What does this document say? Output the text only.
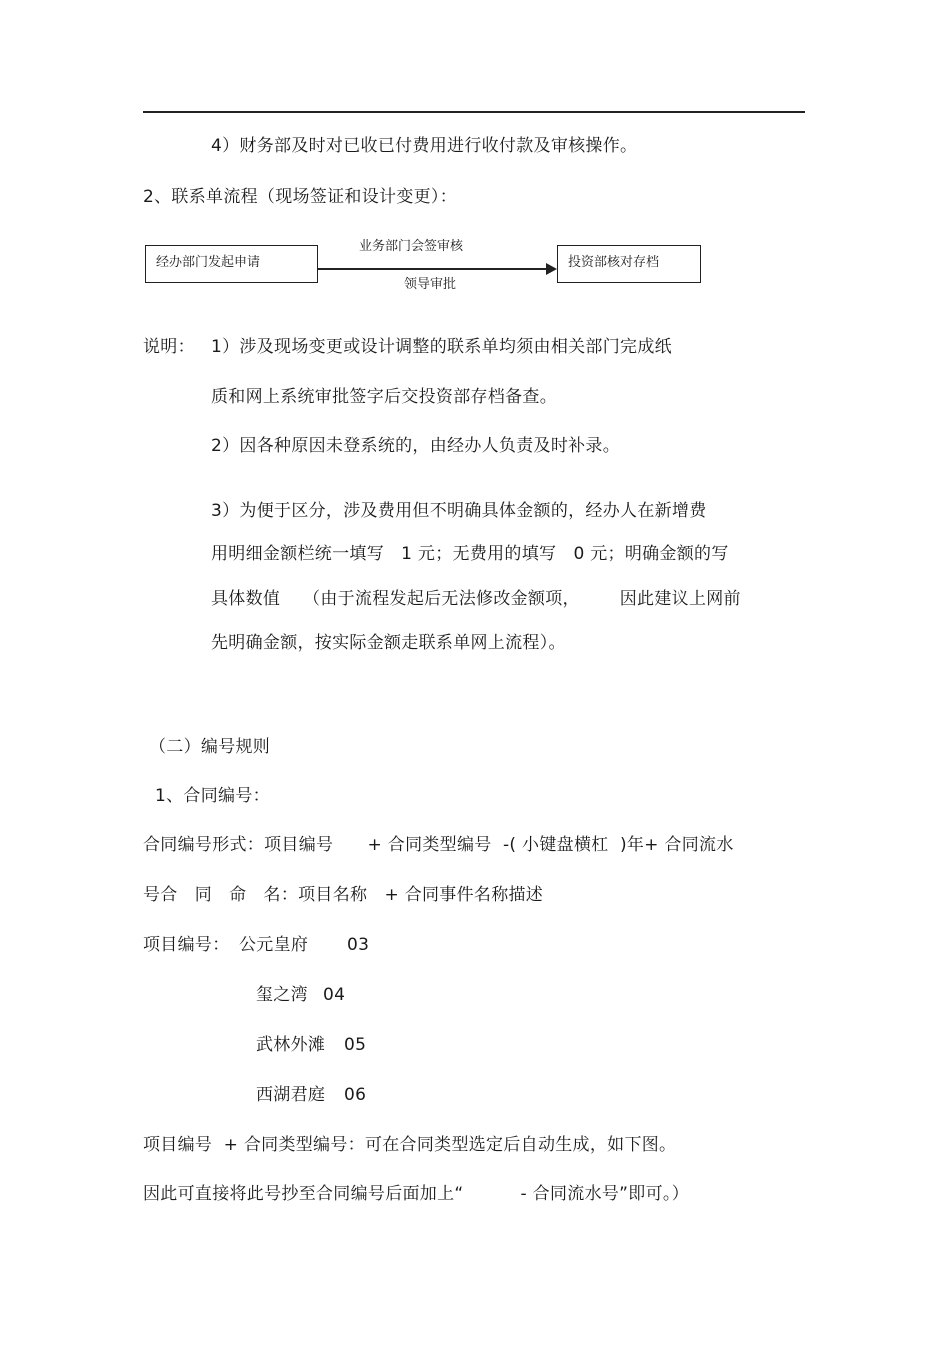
4）财务部及时对已收已付费用进行收付款及审核操作。
2、联系单流程（现场签证和设计变更）：
经办部门发起申请
业务部门会签审核
领导审批
投资部核对存档
说明： 1）涉及现场变更或设计调整的联系单均须由相关部门完成纸
质和网上系统审批签字后交投资部存档备查。
2）因各种原因未登系统的，由经办人负责及时补录。
3）为便于区分，涉及费用但不明确具体金额的，经办人在新增费
用明细金额栏统一填写   1 元；无费用的填写   0 元；明确金额的写
具体数值    （由于流程发起后无法修改金额项，       因此建议上网前
先明确金额，按实际金额走联系单网上流程）。
（二）编号规则
1、合同编号：
合同编号形式：项目编号      + 合同类型编号  -( 小键盘横杠  )年+ 合同流水
号合   同   命   名：项目名称   + 合同事件名称描述
项目编号： 公元皇府 03
玺之湾 04
武林外滩 05
西湖君庭 06
项目编号  + 合同类型编号：可在合同类型选定后自动生成，如下图。
因此可直接将此号抄至合同编号后面加上“          - 合同流水号”即可。）
